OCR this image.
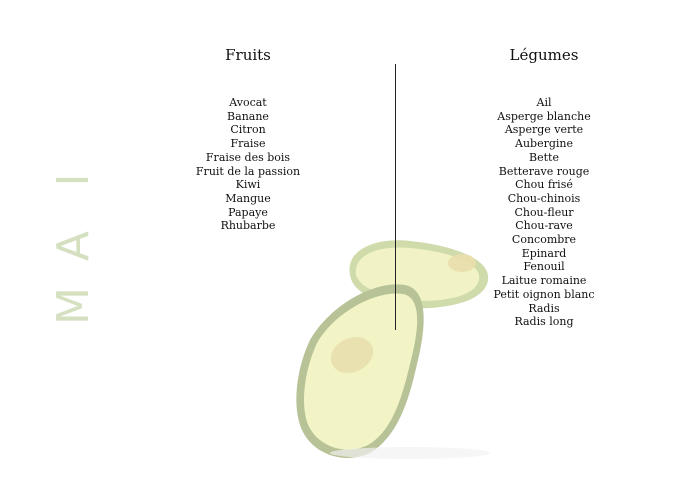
M
A
I
Fruits	Légumes
Avocat
Banane
Citron
Fraise
Fraise des bois
Fruit de la passion
Kiwi
Mangue
Papaye
Rhubarbe
Ail
Asperge blanche
Asperge verte
Aubergine
Bette
Betterave rouge
Chou frisé
Chou-chinois
Chou-fleur
Chou-rave
Concombre
Epinard
Fenouil
Laitue romaine
Petit oignon blanc
Radis
Radis long
